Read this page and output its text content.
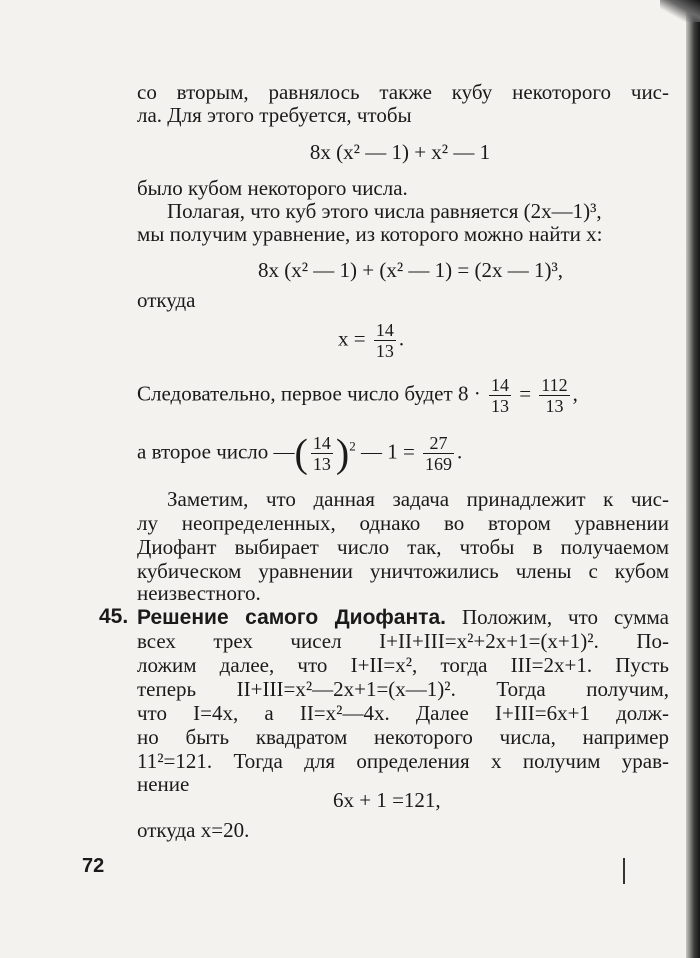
со вторым, равнялось также кубу некоторого чис-
ла. Для этого требуется, чтобы
8x (x² — 1) + x² — 1
было кубом некоторого числа.
Полагая, что куб этого числа равняется (2x—1)³,
мы получим уравнение, из которого можно найти x:
8x (x² — 1) + (x² — 1) = (2x — 1)³,
откуда
$x = \frac{14}{13}$ .
Следовательно, первое число будет $8 \cdot \frac{14}{13} = \frac{112}{13}$ ,
а второе число —( $\frac{14}{13} )^2$ — $1 = \frac{27}{169}$ .
Заметим, что данная задача принадлежит к чис-
лу неопределенных, однако во втором уравнении
Диофант выбирает число так, чтобы в получаемом
кубическом уравнении уничтожились члены с кубом
неизвестного.
45. Решение самого Диофанта. Положим, что сумма
всех трех чисел I+II+III=x²+2x+1=(x+1)². По-
ложим далее, что I+II=x², тогда III=2x+1. Пусть
теперь II+III=x²—2x+1=(x—1)². Тогда получим,
что I=4x, а II=x²—4x. Далее I+III=6x+1 долж-
но быть квадратом некоторого числа, например
11²=121. Тогда для определения x получим урав-
нение
6x + 1 =121,
откуда x=20.
72
